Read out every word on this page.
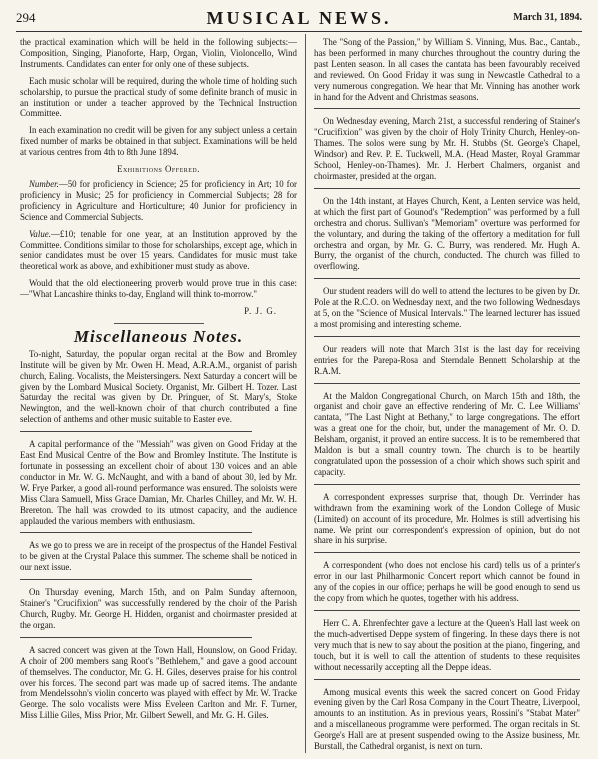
294	MUSICAL NEWS.	March 31, 1894.

the practical examination which will be held in the following subjects:—Composition, Singing, Pianoforte, Harp, Organ, Violin, Violoncello, Wind Instruments. Candidates can enter for only one of these subjects.

Each music scholar will be required, during the whole time of holding such scholarship, to pursue the practical study of some definite branch of music in an institution or under a teacher approved by the Technical Instruction Committee.

In each examination no credit will be given for any subject unless a certain fixed number of marks be obtained in that subject. Examinations will be held at various centres from 4th to 8th June 1894.

Exhibitions Offered.

Number.—50 for proficiency in Science; 25 for proficiency in Art; 10 for proficiency in Music; 25 for proficiency in Commercial Subjects; 28 for proficiency in Agriculture and Horticulture; 40 Junior for proficiency in Science and Commercial Subjects.

Value.—£10; tenable for one year, at an Institution approved by the Committee. Conditions similar to those for scholarships, except age, which in senior candidates must be over 15 years. Candidates for music must take theoretical work as above, and exhibitioner must study as above.

Would that the old electioneering proverb would prove true in this case:—"What Lancashire thinks to-day, England will think to-morrow."

P. J. G.
Miscellaneous Notes.

To-night, Saturday, the popular organ recital at the Bow and Bromley Institute will be given by Mr. Owen H. Mead, A.R.A.M., organist of parish church, Ealing. Vocalists, the Meistersingers. Next Saturday a concert will be given by the Lombard Musical Society. Organist, Mr. Gilbert H. Tozer. Last Saturday the recital was given by Dr. Pringuer, of St. Mary's, Stoke Newington, and the well-known choir of that church contributed a fine selection of anthems and other music suitable to Easter eve.

A capital performance of the "Messiah" was given on Good Friday at the East End Musical Centre of the Bow and Bromley Institute. The Institute is fortunate in possessing an excellent choir of about 130 voices and an able conductor in Mr. W. G. McNaught, and with a band of about 30, led by Mr. W. Frye Parker, a good all-round performance was ensured. The soloists were Miss Clara Samuell, Miss Grace Damian, Mr. Charles Chilley, and Mr. W. H. Brereton. The hall was crowded to its utmost capacity, and the audience applauded the various members with enthusiasm.

As we go to press we are in receipt of the prospectus of the Handel Festival to be given at the Crystal Palace this summer. The scheme shall be noticed in our next issue.

On Thursday evening, March 15th, and on Palm Sunday afternoon, Stainer's "Crucifixion" was successfully rendered by the choir of the Parish Church, Rugby. Mr. George H. Hidden, organist and choirmaster presided at the organ.

A sacred concert was given at the Town Hall, Hounslow, on Good Friday. A choir of 200 members sang Root's "Bethlehem," and gave a good account of themselves. The conductor, Mr. G. H. Giles, deserves praise for his control over his forces. The second part was made up of sacred items. The andante from Mendelssohn's violin concerto was played with effect by Mr. W. Tracke George. The solo vocalists were Miss Eveleen Carlton and Mr. F. Turner, Miss Lillie Giles, Miss Prior, Mr. Gilbert Sewell, and Mr. G. H. Giles.

The "Song of the Passion," by William S. Vinning, Mus. Bac., Cantab., has been performed in many churches throughout the country during the past Lenten season. In all cases the cantata has been favourably received and reviewed. On Good Friday it was sung in Newcastle Cathedral to a very numerous congregation. We hear that Mr. Vinning has another work in hand for the Advent and Christmas seasons.

On Wednesday evening, March 21st, a successful rendering of Stainer's "Crucifixion" was given by the choir of Holy Trinity Church, Henley-on-Thames. The solos were sung by Mr. H. Stubbs (St. George's Chapel, Windsor) and Rev. P. E. Tuckwell, M.A. (Head Master, Royal Grammar School, Henley-on-Thames). Mr. J. Herbert Chalmers, organist and choirmaster, presided at the organ.

On the 14th instant, at Hayes Church, Kent, a Lenten service was held, at which the first part of Gounod's "Redemption" was performed by a full orchestra and chorus. Sullivan's "Memoriam" overture was performed for the voluntary, and during the taking of the offertory a meditation for full orchestra and organ, by Mr. G. C. Burry, was rendered. Mr. Hugh A. Burry, the organist of the church, conducted. The church was filled to overflowing.

Our student readers will do well to attend the lectures to be given by Dr. Pole at the R.C.O. on Wednesday next, and the two following Wednesdays at 5, on the "Science of Musical Intervals." The learned lecturer has issued a most promising and interesting scheme.

Our readers will note that March 31st is the last day for receiving entries for the Parepa-Rosa and Sterndale Bennett Scholarship at the R.A.M.

At the Maldon Congregational Church, on March 15th and 18th, the organist and choir gave an effective rendering of Mr. C. Lee Williams' cantata, "The Last Night at Bethany," to large congregations. The effort was a great one for the choir, but, under the management of Mr. O. D. Belsham, organist, it proved an entire success. It is to be remembered that Maldon is but a small country town. The church is to be heartily congratulated upon the possession of a choir which shows such spirit and capacity.

A correspondent expresses surprise that, though Dr. Verrinder has withdrawn from the examining work of the London College of Music (Limited) on account of its procedure, Mr. Holmes is still advertising his name. We print our correspondent's expression of opinion, but do not share in his surprise.

A correspondent (who does not enclose his card) tells us of a printer's error in our last Philharmonic Concert report which cannot be found in any of the copies in our office; perhaps he will be good enough to send us the copy from which he quotes, together with his address.

Herr C. A. Ehrenfechter gave a lecture at the Queen's Hall last week on the much-advertised Deppe system of fingering. In these days there is not very much that is new to say about the position at the piano, fingering, and touch, but it is well to call the attention of students to these requisites without necessarily accepting all the Deppe ideas.

Among musical events this week the sacred concert on Good Friday evening given by the Carl Rosa Company in the Court Theatre, Liverpool, amounts to an institution. As in previous years, Rossini's "Stabat Mater" and a miscellaneous programme were performed. The organ recitals in St. George's Hall are at present suspended owing to the Assize business, Mr. Burstall, the Cathedral organist, is next on turn.
